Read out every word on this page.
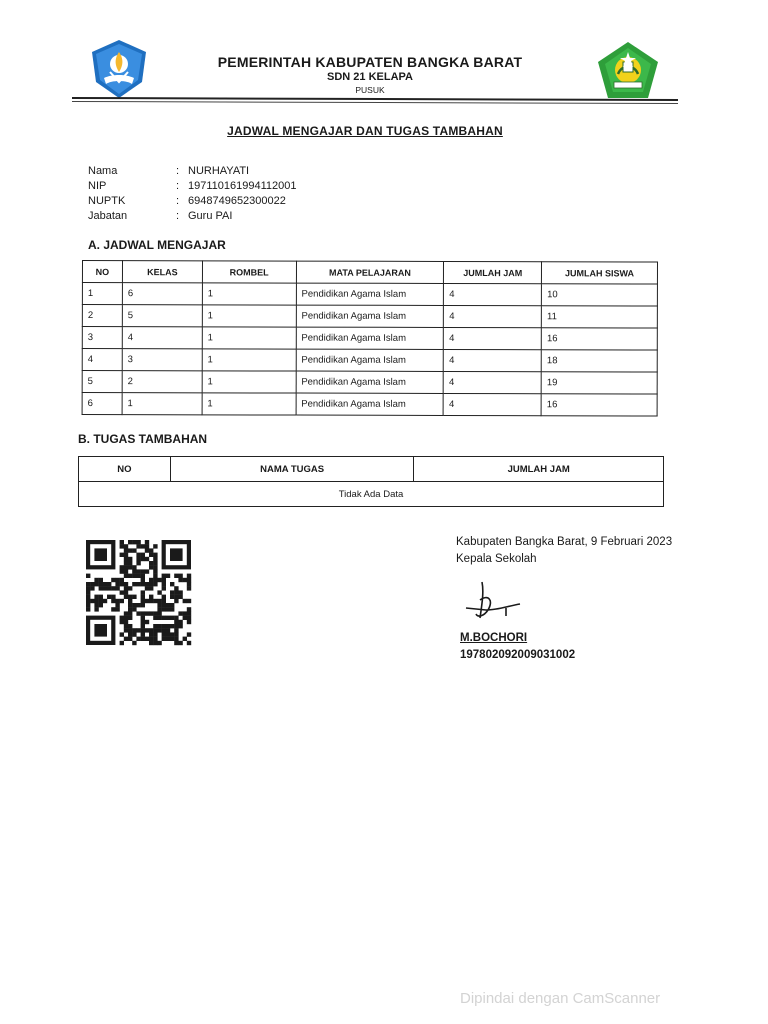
PEMERINTAH KABUPATEN BANGKA BARAT
SDN 21 KELAPA
PUSUK
JADWAL MENGAJAR DAN TUGAS TAMBAHAN
Nama	: NURHAYATI
NIP	: 197110161994112001
NUPTK	: 6948749652300022
Jabatan	: Guru PAI
A. JADWAL MENGAJAR
NO	KELAS	ROMBEL	MATA PELAJARAN	JUMLAH JAM	JUMLAH SISWA
1	6	1	Pendidikan Agama Islam	4	10
2	5	1	Pendidikan Agama Islam	4	11
3	4	1	Pendidikan Agama Islam	4	16
4	3	1	Pendidikan Agama Islam	4	18
5	2	1	Pendidikan Agama Islam	4	19
6	1	1	Pendidikan Agama Islam	4	16
B. TUGAS TAMBAHAN
NO	NAMA TUGAS	JUMLAH JAM
Tidak Ada Data
Kabupaten Bangka Barat, 9 Februari 2023
Kepala Sekolah
M.BOCHORI
197802092009031002
Dipindai dengan CamScanner
